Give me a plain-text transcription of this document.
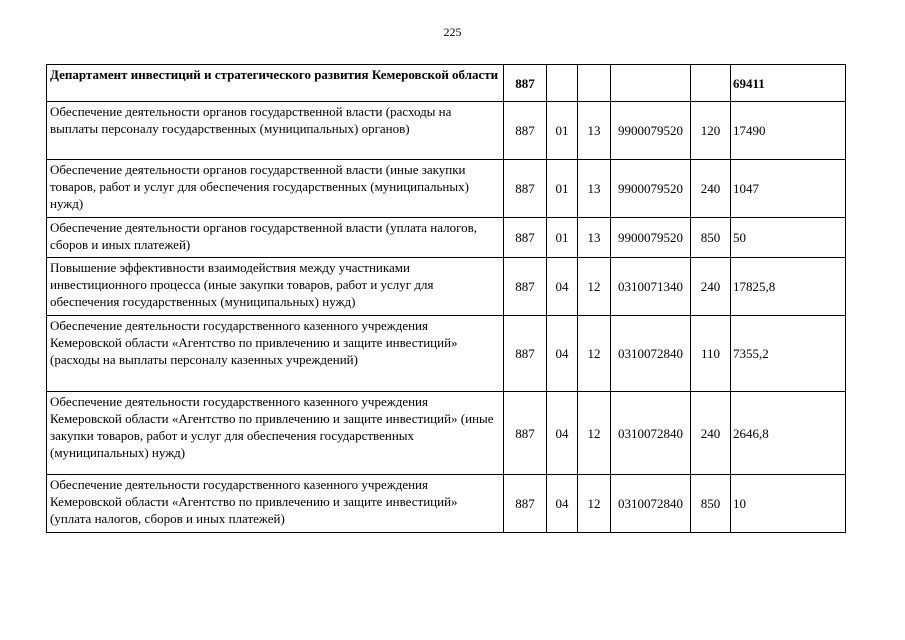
225
Департамент инвестиций и стратегического развития Кемеровской области	887					69411
Обеспечение деятельности органов государственной власти (расходы на выплаты персоналу государственных (муниципальных) органов)	887	01	13	9900079520	120	17490
Обеспечение деятельности органов государственной власти (иные закупки товаров, работ и услуг для обеспечения государственных (муниципальных) нужд)	887	01	13	9900079520	240	1047
Обеспечение деятельности органов государственной власти (уплата налогов, сборов и иных платежей)	887	01	13	9900079520	850	50
Повышение эффективности взаимодействия между участниками инвестиционного процесса (иные закупки товаров, работ и услуг для обеспечения государственных (муниципальных) нужд)	887	04	12	0310071340	240	17825,8
Обеспечение деятельности государственного казенного учреждения Кемеровской области «Агентство по привлечению и защите инвестиций» (расходы на выплаты персоналу казенных учреждений)	887	04	12	0310072840	110	7355,2
Обеспечение деятельности государственного казенного учреждения Кемеровской области «Агентство по привлечению и защите инвестиций» (иные закупки товаров, работ и услуг для обеспечения государственных (муниципальных) нужд)	887	04	12	0310072840	240	2646,8
Обеспечение деятельности государственного казенного учреждения Кемеровской области «Агентство по привлечению и защите инвестиций» (уплата налогов, сборов и иных платежей)	887	04	12	0310072840	850	10
